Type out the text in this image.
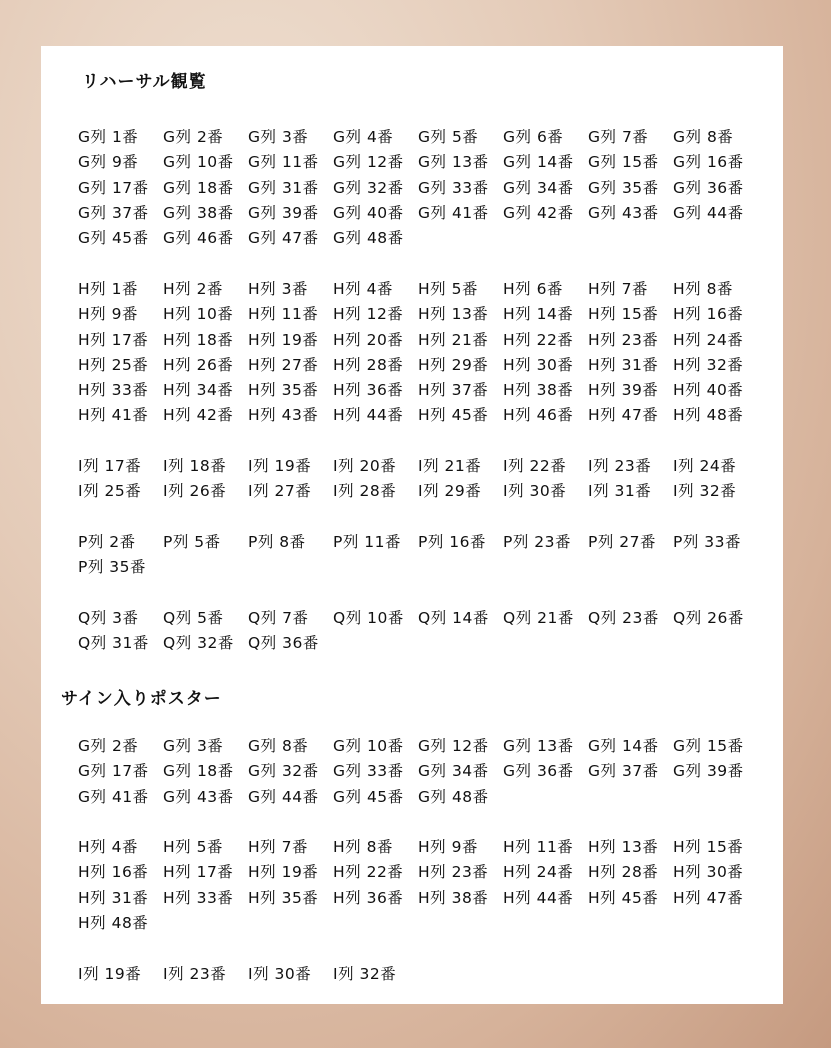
リハーサル観覧
G列 1番	G列 2番	G列 3番	G列 4番	G列 5番	G列 6番	G列 7番	G列 8番
G列 9番	G列 10番 G列 11番 G列 12番 G列 13番 G列 14番 G列 15番 G列 16番
G列 17番 G列 18番 G列 31番 G列 32番 G列 33番 G列 34番 G列 35番 G列 36番
G列 37番 G列 38番 G列 39番 G列 40番 G列 41番 G列 42番 G列 43番 G列 44番
G列 45番 G列 46番 G列 47番 G列 48番
H列 1番	H列 2番	H列 3番	H列 4番	H列 5番	H列 6番	H列 7番	H列 8番
H列 9番	H列 10番 H列 11番 H列 12番 H列 13番 H列 14番 H列 15番 H列 16番
H列 17番 H列 18番 H列 19番 H列 20番 H列 21番 H列 22番 H列 23番 H列 24番
H列 25番 H列 26番 H列 27番 H列 28番 H列 29番 H列 30番 H列 31番 H列 32番
H列 33番 H列 34番 H列 35番 H列 36番 H列 37番 H列 38番 H列 39番 H列 40番
H列 41番 H列 42番 H列 43番 H列 44番 H列 45番 H列 46番 H列 47番 H列 48番
I列 17番	I列 18番	I列 19番	I列 20番	I列 21番	I列 22番	I列 23番	I列 24番
I列 25番	I列 26番	I列 27番	I列 28番	I列 29番	I列 30番	I列 31番	I列 32番
P列 2番	P列 5番	P列 8番	P列 11番	P列 16番	P列 23番	P列 27番	P列 33番
P列 35番
Q列 3番	Q列 5番	Q列 7番	Q列 10番 Q列 14番 Q列 21番 Q列 23番 Q列 26番
Q列 31番 Q列 32番 Q列 36番
サイン入りポスター
G列 2番	G列 3番	G列 8番	G列 10番 G列 12番 G列 13番 G列 14番 G列 15番
G列 17番 G列 18番 G列 32番 G列 33番 G列 34番 G列 36番 G列 37番 G列 39番
G列 41番 G列 43番 G列 44番 G列 45番 G列 48番
H列 4番	H列 5番	H列 7番	H列 8番	H列 9番	H列 11番 H列 13番 H列 15番
H列 16番 H列 17番 H列 19番 H列 22番 H列 23番 H列 24番 H列 28番 H列 30番
H列 31番 H列 33番 H列 35番 H列 36番 H列 38番 H列 44番 H列 45番 H列 47番
H列 48番
I列 19番	I列 23番	I列 30番	I列 32番
